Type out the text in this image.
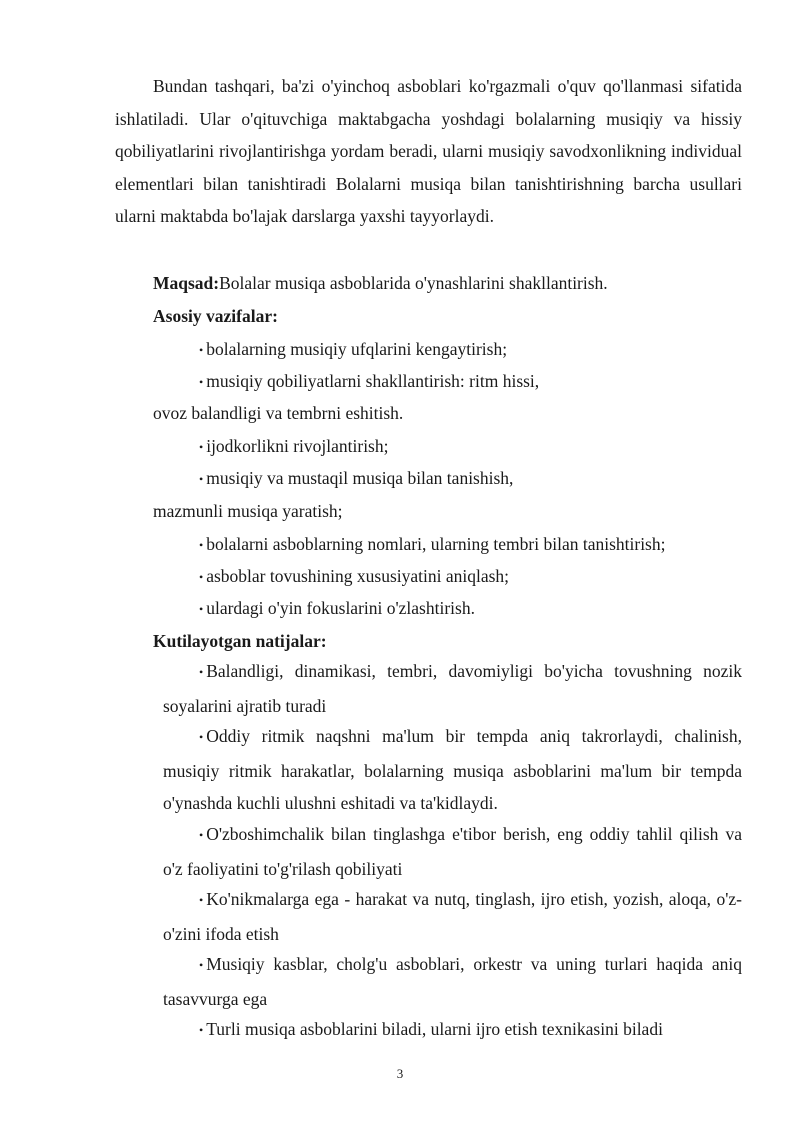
Bundan tashqari, ba'zi o'yinchoq asboblari ko'rgazmali o'quv qo'llanmasi sifatida ishlatiladi. Ular o'qituvchiga maktabgacha yoshdagi bolalarning musiqiy va hissiy qobiliyatlarini rivojlantirishga yordam beradi, ularni musiqiy savodxonlikning individual elementlari bilan tanishtiradi Bolalarni musiqa bilan tanishtirishning barcha usullari ularni maktabda bo'lajak darslarga yaxshi tayyorlaydi.

Maqsad:Bolalar musiqa asboblarida o'ynashlarini shakllantirish.
Asosiy vazifalar:
• bolalarning musiqiy ufqlarini kengaytirish;
• musiqiy qobiliyatlarni shakllantirish: ritm hissi,
ovoz balandligi va tembrni eshitish.
• ijodkorlikni rivojlantirish;
• musiqiy va mustaqil musiqa bilan tanishish,
mazmunli musiqa yaratish;
• bolalarni asboblarning nomlari, ularning tembri bilan tanishtirish;
• asboblar tovushining xususiyatini aniqlash;
• ulardagi o'yin fokuslarini o'zlashtirish.
Kutilayotgan natijalar:

• Balandligi, dinamikasi, tembri, davomiyligi bo'yicha tovushning nozik soyalarini ajratib turadi

• Oddiy ritmik naqshni ma'lum bir tempda aniq takrorlaydi, chalinish, musiqiy ritmik harakatlar, bolalarning musiqa asboblarini ma'lum bir tempda o'ynashda kuchli ulushni eshitadi va ta'kidlaydi.

• O'zboshimchalik bilan tinglashga e'tibor berish, eng oddiy tahlil qilish va o'z faoliyatini to'g'rilash qobiliyati

• Ko'nikmalarga ega - harakat va nutq, tinglash, ijro etish, yozish, aloqa, o'z-o'zini ifoda etish

• Musiqiy kasblar, cholg'u asboblari, orkestr va uning turlari haqida aniq tasavvurga ega

• Turli musiqa asboblarini biladi, ularni ijro etish texnikasini biladi

3
